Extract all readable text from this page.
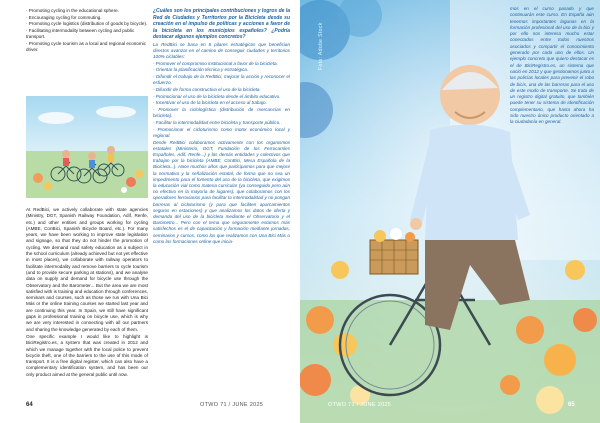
· Promoting cycling in the educational sphere.
· Encouraging cycling for commuting.
· Promoting cycle logistics (distribution of goods by bicycle).
· Facilitating intermodality between cycling and public transport.
· Promoting cycle tourism as a local and regional economic driver.

At RedBici, we actively collaborate with state agencies (Ministry, DGT, Spanish Railway Foundation, Adif, Renfe, etc.) and other entities and groups working for cycling (AMBE, ConBici, Spanish Bicycle Board, etc.). For many years, we have been working to improve state legislation and signage, so that they do not hinder the promotion of cycling. We demand road safety education as a subject in the school curriculum (already achieved but not yet effective in most places), we collaborate with railway operators to facilitate intermodality and remove barriers to cycle tourism (and to provide secure parking at stations), and we analyse data on supply and demand for bicycle use through the Observatory and the Barometer... But the area we are most satisfied with is training and education through conferences, seminars and courses, such as those we run with Una Bici Más or the online training courses we started last year and are continuing this year. In Spain, we still have significant gaps in professional training on bicycle use, which is why we are very interested in connecting with all our partners and sharing the knowledge generated by each of them.

One specific example I would like to highlight is BiciRegistro.es, a system that was created in 2012 and which we manage together with the local police to prevent bicycle theft, one of the barriers to the use of this mode of transport. It is a free digital register, which can also have a complementary identification system, and has been our only product aimed at the general public until now.

¿Cuáles son los principales contribuciones y logros de la Red de Ciudades y Territorios por la Bicicleta desde su creación en el impulso de políticas y acciones a favor de la bicicleta en los municipios españoles? ¿Podría destacar algunos ejemplos concretos?

La RedBici se basa en 8 pilares estratégicos que benefician directos avanzar en el camino de conseguir ciudades y territorios 100% ciclables:

- Promover el compromiso institucional a favor de la bicicleta.

- Orientar la planificación técnica y estratégica.

- Difundir el trabajo de la RedBici, mejorar la acción y reconocer el esfuerzo.

- Difundir de forma constructiva el uso de la bicicleta.

- Promocionar el uso de la bicicleta desde el ámbito educativo.

- Incentivar el uso de la bicicleta en el acceso al trabajo.

- Promover la ciclologística (distribución de mercancías en bicicleta).

- Facilitar la intermodalidad entre bicicleta y transporte público.

- Promocionar el cicloturismo como motor económico local y regional.

Desde RedBici colaboramos activamente con los organismos estatales (Ministerio, DGT, Fundación de los Ferrocarriles Españoles, Adif, Renfe...) y las demás entidades y colectivos que trabajan por la bicicleta (AMBE, ConBici, Mesa Española de la Bicicleta...). Hace muchos años que participamos para que mejore la normativa y la señalización estatal, de forma que no sea un impedimento para el fomento del uso de la bicicleta, que exigimos la educación vial como materia curricular (ya conseguido pero aún no efectivo en la mayoría de lugares), que colaboramos con los operadores ferroviarios para facilitar la intermodalidad y no pongan barreras al cicloturismo (y para que faciliten aparcamientos seguros en estaciones) y que analizamos los datos de oferta y demanda del uso de la bicicleta mediante el Observatorio y el Barómetro... Pero con el tema que seguramente estamos más satisfechos es el de capacitación y formación mediante jornadas, seminarios y cursos, como los que realizamos con Una Bici Más o como las formaciones online que inicia-

64	OTWO 71 / JUNE 2025
Foto: Adobe Stock
mos en el curso pasado y que continuarán este curso. En España aún tenemos importantes lagunas en la formación profesional del uso de la bici y por ello nos interesa mucho estar conectados entre todos nuestros asociados y compartir el conocimiento generado por cada uno de ellos. Un ejemplo concreto que quiero destacar es el de BiciRegistro.es, un sistema que nació en 2012 y que gestionamos junto a las policías locales para prevenir el robo de bicis, una de las barreras para el uso de este modo de transporte. Se trata de un registro digital gratuito, que también puede tener su sistema de identificación complementario, que hasta ahora ha sido nuestro único producto orientado a la ciudadanía en general.
OTWO 71 / JUNE 2025	65
